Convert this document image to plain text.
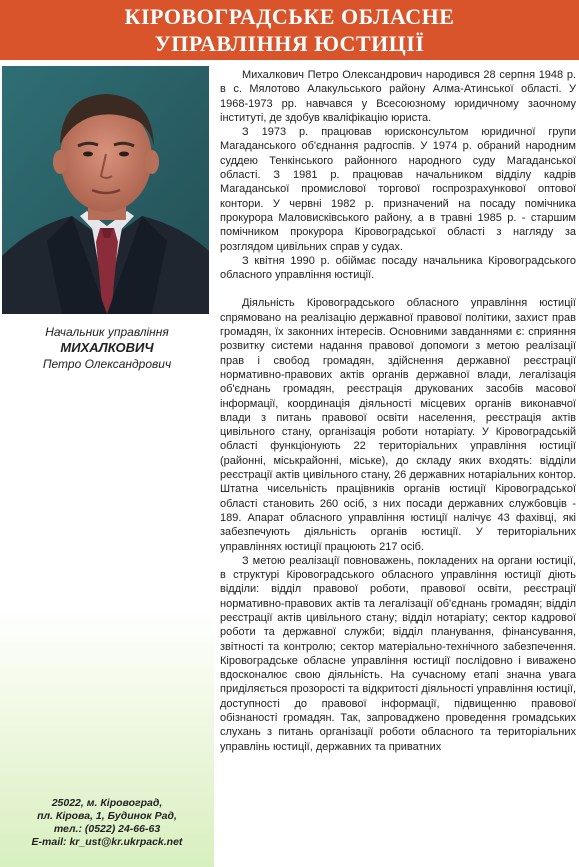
КІРОВОГРАДСЬКЕ ОБЛАСНЕ
УПРАВЛІННЯ ЮСТИЦІЇ
Начальник управління
МИХАЛКОВИЧ
Петро Олександрович
25022, м. Кіровоград,
пл. Кірова, 1, Будинок Рад,
тел.: (0522) 24-66-63
E-mail: kr_ust@kr.ukrpack.net

Михалкович Петро Олександрович народився 28 серпня 1948 р. в с. Мялотово Алакульського району Алма-Атинської області. У 1968-1973 рр. навчався у Всесоюзному юридичному заочному інституті, де здобув кваліфікацію юриста.

З 1973 р. працював юрисконсультом юридичної групи Магаданського об'єднання радгоспів. У 1974 р. обраний народним суддею Тенкінського районного народного суду Магаданської області. З 1981 р. працював начальником відділу кадрів Магаданської промислової торгової госпрозрахункової оптової контори. У червні 1982 р. призначений на посаду помічника прокурора Маловисківського району, а в травні 1985 р. - старшим помічником прокурора Кіровоградської області з нагляду за розглядом цивільних справ у судах.

З квітня 1990 р. обіймає посаду начальника Кіровоградського обласного управління юстиції.

Діяльність Кіровоградського обласного управління юстиції спрямовано на реалізацію державної правової політики, захист прав громадян, їх законних інтересів. Основними завданнями є: сприяння розвитку системи надання правової допомоги з метою реалізації прав і свобод громадян, здійснення державної реєстрації нормативно-правових актів органів державної влади, легалізація об'єднань громадян, реєстрація друкованих засобів масової інформації, координація діяльності місцевих органів виконавчої влади з питань правової освіти населення, реєстрація актів цивільного стану, організація роботи нотаріату. У Кіровоградській області функціонують 22 територіальних управління юстиції (районні, міськрайонні, міське), до складу яких входять: відділи реєстрації актів цивільного стану, 26 державних нотаріальних контор. Штатна чисельність працівників органів юстиції Кіровоградської області становить 260 осіб, з них посади державних службовців - 189. Апарат обласного управління юстиції налічує 43 фахівці, які забезпечують діяльність органів юстиції. У територіальних управліннях юстиції працюють 217 осіб.

З метою реалізації повноважень, покладених на органи юстиції, в структурі Кіровоградського обласного управління юстиції діють відділи: відділ правової роботи, правової освіти, реєстрації нормативно-правових актів та легалізації об'єднань громадян; відділ реєстрації актів цивільного стану; відділ нотаріату; сектор кадрової роботи та державної служби; відділ планування, фінансування, звітності та контролю; сектор матеріально-технічного забезпечення. Кіровоградське обласне управління юстиції послідовно і виважено вдосконалює свою діяльність. На сучасному етапі значна увага приділяється прозорості та відкритості діяльності управління юстиції, доступності до правової інформації, підвищенню правової обізнаності громадян. Так, запроваджено проведення громадських слухань з питань організації роботи обласного та територіальних управлінь юстиції, державних та приватних
